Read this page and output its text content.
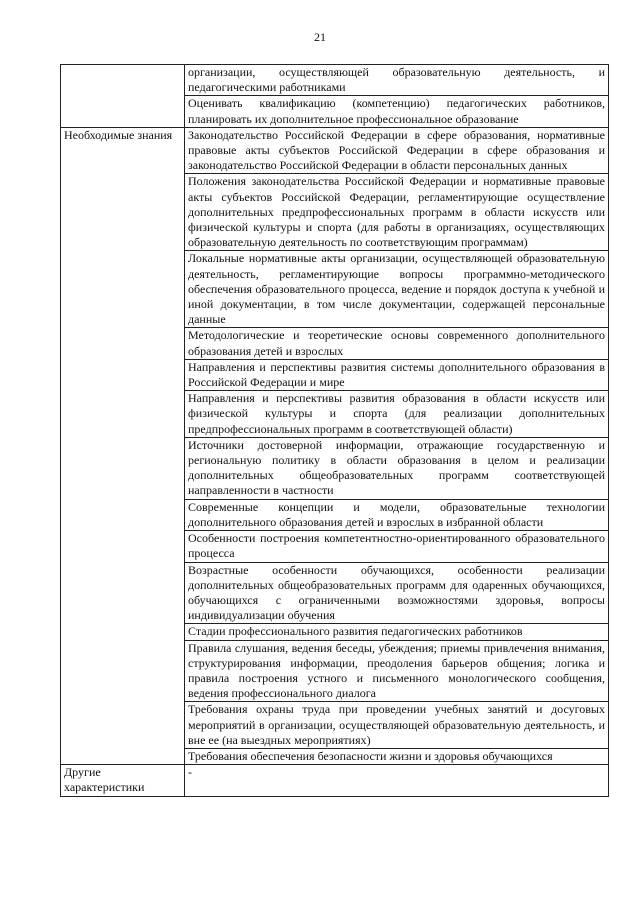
21
	организации, осуществляющей образовательную деятельность, и педагогическими работниками
	Оценивать квалификацию (компетенцию) педагогических работников, планировать их дополнительное профессиональное образование
Необходимые знания	Законодательство Российской Федерации в сфере образования, нормативные правовые акты субъектов Российской Федерации в сфере образования и законодательство Российской Федерации в области персональных данных
	Положения законодательства Российской Федерации и нормативные правовые акты субъектов Российской Федерации, регламентирующие осуществление дополнительных предпрофессиональных программ в области искусств или физической культуры и спорта (для работы в организациях, осуществляющих образовательную деятельность по соответствующим программам)
	Локальные нормативные акты организации, осуществляющей образовательную деятельность, регламентирующие вопросы программно-методического обеспечения образовательного процесса, ведение и порядок доступа к учебной и иной документации, в том числе документации, содержащей персональные данные
	Методологические и теоретические основы современного дополнительного образования детей и взрослых
	Направления и перспективы развития системы дополнительного образования в Российской Федерации и мире
	Направления и перспективы развития образования в области искусств или физической культуры и спорта (для реализации дополнительных предпрофессиональных программ в соответствующей области)
	Источники достоверной информации, отражающие государственную и региональную политику в области образования в целом и реализации дополнительных общеобразовательных программ соответствующей направленности в частности
	Современные концепции и модели, образовательные технологии дополнительного образования детей и взрослых в избранной области
	Особенности построения компетентностно-ориентированного образовательного процесса
	Возрастные особенности обучающихся, особенности реализации дополнительных общеобразовательных программ для одаренных обучающихся, обучающихся с ограниченными возможностями здоровья, вопросы индивидуализации обучения
	Стадии профессионального развития педагогических работников
	Правила слушания, ведения беседы, убеждения; приемы привлечения внимания, структурирования информации, преодоления барьеров общения; логика и правила построения устного и письменного монологического сообщения, ведения профессионального диалога
	Требования охраны труда при проведении учебных занятий и досуговых мероприятий в организации, осуществляющей образовательную деятельность, и вне ее (на выездных мероприятиях)
	Требования обеспечения безопасности жизни и здоровья обучающихся
Другие характеристики	-
